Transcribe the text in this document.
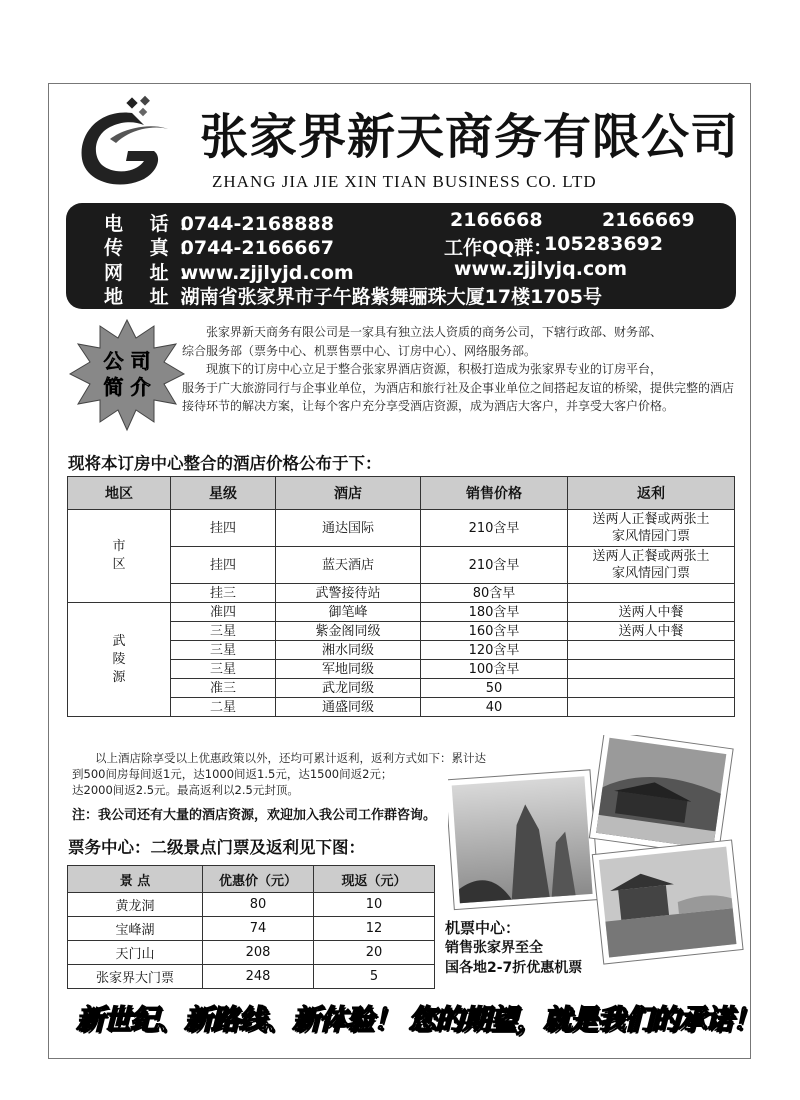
张家界新天商务有限公司
ZHANG JIA JIE XIN TIAN BUSINESS CO. LTD
电 话： 0744-2168888	2166668	2166669
传 真： 0744-2166667	工作QQ群：
105283692
网 址： www.zjjlyjd.com	www.zjjlyjq.com
地 址： 湖南省张家界市子午路紫舞骊珠大厦17楼1705号
公 司
简 介

张家界新天商务有限公司是一家具有独立法人资质的商务公司，下辖行政部、财务部、

综合服务部（票务中心、机票售票中心、订房中心）、网络服务部。

现旗下的订房中心立足于整合张家界酒店资源，积极打造成为张家界专业的订房平台，

服务于广大旅游同行与企事业单位，为酒店和旅行社及企事业单位之间搭起友谊的桥梁，提供完整的酒店接待环节的解决方案，让每个客户充分享受酒店资源，成为酒店大客户，并享受大客户价格。

现将本订房中心整合的酒店价格公布于下：
地区	星级	酒店	销售价格	返利

市区	挂四	通达国际	210含早	送两人正餐或两张土家风情园门票
	挂四	蓝天酒店	210含早	送两人正餐或两张土家风情园门票
	挂三	武警接待站	80含早	

武陵源	准四	御笔峰	180含早	送两人中餐
	三星	紫金阁同级	160含早	送两人中餐
	三星	湘水同级	120含早	
	三星	军地同级	100含早	
	准三	武龙同级	50	
	二星	通盛同级	40	
以上酒店除享受以上优惠政策以外，还均可累计返利，返利方式如下：累计达
到500间房每间返1元，达1000间返1.5元，达1500间返2元；
达2000间返2.5元。最高返利以2.5元封顶。
注：我公司还有大量的酒店资源，欢迎加入我公司工作群咨询。
票务中心：二级景点门票及返利见下图：
景 点	优惠价（元）	现返（元）
黄龙洞	80	10
宝峰湖	74	12
天门山	208	20
张家界大门票	248	5
机票中心：
销售张家界至全
国各地2-7折优惠机票
新世纪、新路线、新体验！ 您的期望，就是我们的承诺！
